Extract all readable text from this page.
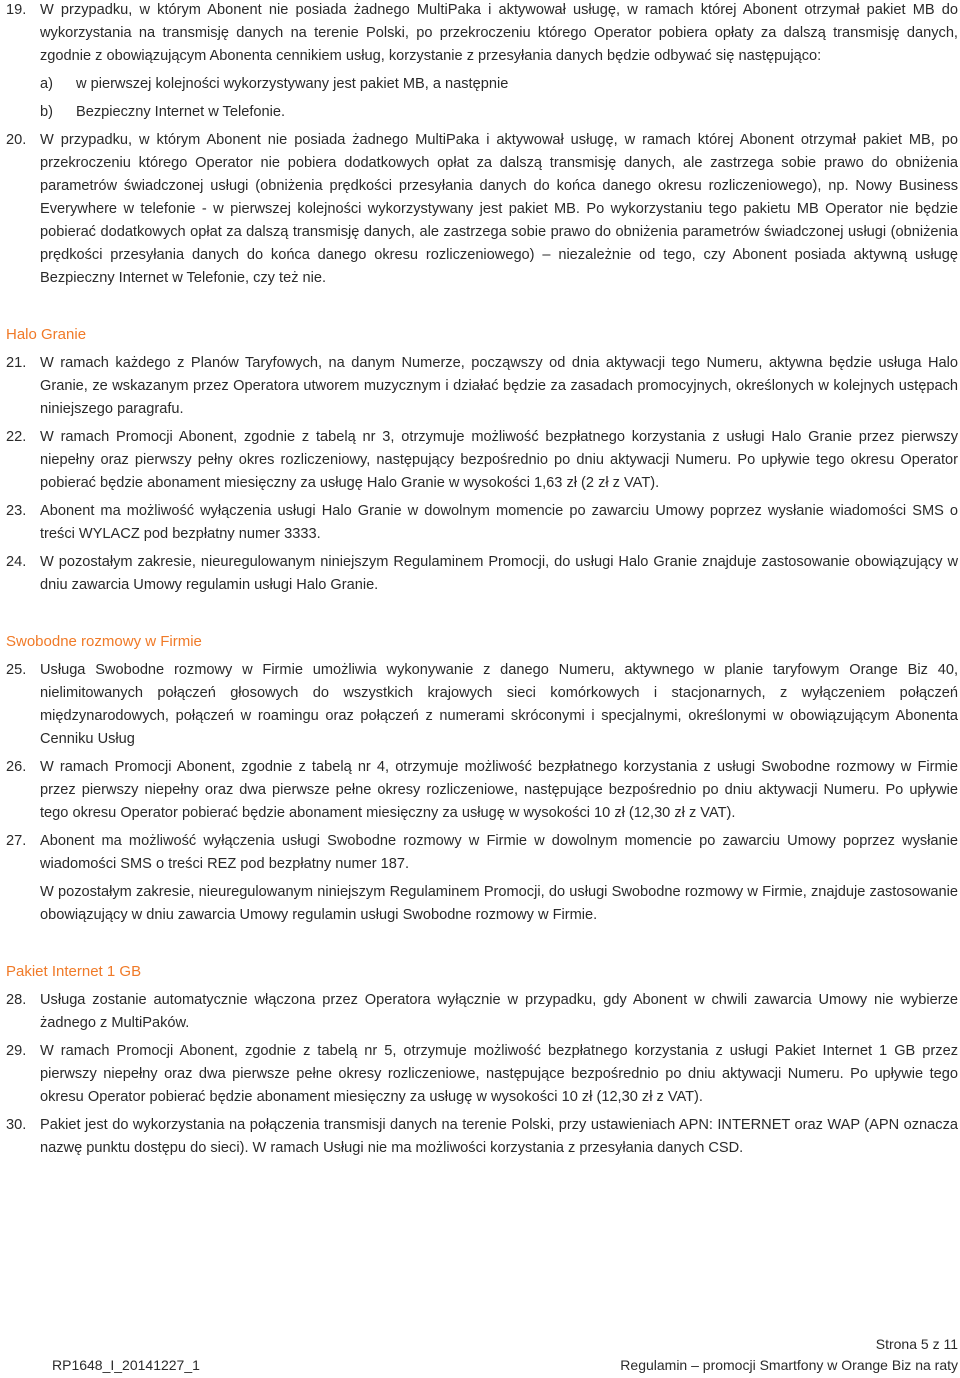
19. W przypadku, w którym Abonent nie posiada żadnego MultiPaka i aktywował usługę, w ramach której Abonent otrzymał pakiet MB do wykorzystania na transmisję danych na terenie Polski, po przekroczeniu którego Operator pobiera opłaty za dalszą transmisję danych, zgodnie z obowiązującym Abonenta cennikiem usług, korzystanie z przesyłania danych będzie odbywać się następująco:
a)	w pierwszej kolejności wykorzystywany jest pakiet MB, a następnie
b)	Bezpieczny Internet w Telefonie.
20. W przypadku, w którym Abonent nie posiada żadnego MultiPaka i aktywował usługę, w ramach której Abonent otrzymał pakiet MB, po przekroczeniu którego Operator nie pobiera dodatkowych opłat za dalszą transmisję danych, ale zastrzega sobie prawo do obniżenia parametrów świadczonej usługi (obniżenia prędkości przesyłania danych do końca danego okresu rozliczeniowego), np. Nowy Business Everywhere w telefonie - w pierwszej kolejności wykorzystywany jest pakiet MB. Po wykorzystaniu tego pakietu MB Operator nie będzie pobierać dodatkowych opłat za dalszą transmisję danych, ale zastrzega sobie prawo do obniżenia parametrów świadczonej usługi (obniżenia prędkości przesyłania danych do końca danego okresu rozliczeniowego) – niezależnie od tego, czy Abonent posiada aktywną usługę Bezpieczny Internet w Telefonie, czy też nie.
Halo Granie
21. W ramach każdego z Planów Taryfowych, na danym Numerze, począwszy od dnia aktywacji tego Numeru, aktywna będzie usługa Halo Granie, ze wskazanym przez Operatora utworem muzycznym i działać będzie za zasadach promocyjnych, określonych w kolejnych ustępach niniejszego paragrafu.
22. W ramach Promocji Abonent, zgodnie z tabelą nr 3, otrzymuje możliwość bezpłatnego korzystania z usługi Halo Granie przez pierwszy niepełny oraz pierwszy pełny okres rozliczeniowy, następujący bezpośrednio po dniu aktywacji Numeru. Po upływie tego okresu Operator pobierać będzie abonament miesięczny za usługę Halo Granie w wysokości 1,63 zł (2 zł z VAT).
23. Abonent ma możliwość wyłączenia usługi Halo Granie w dowolnym momencie po zawarciu Umowy poprzez wysłanie wiadomości SMS o treści WYLACZ pod bezpłatny numer 3333.
24. W pozostałym zakresie, nieuregulowanym niniejszym Regulaminem Promocji, do usługi Halo Granie znajduje zastosowanie obowiązujący w dniu zawarcia Umowy regulamin usługi Halo Granie.
Swobodne rozmowy w Firmie
25. Usługa Swobodne rozmowy w Firmie umożliwia wykonywanie z danego Numeru, aktywnego w planie taryfowym Orange Biz 40, nielimitowanych połączeń głosowych do wszystkich krajowych sieci komórkowych i stacjonarnych, z wyłączeniem połączeń międzynarodowych, połączeń w roamingu oraz połączeń z numerami skróconymi i specjalnymi, określonymi w obowiązującym Abonenta Cenniku Usług
26. W ramach Promocji Abonent, zgodnie z tabelą nr 4, otrzymuje możliwość bezpłatnego korzystania z usługi Swobodne rozmowy w Firmie przez pierwszy niepełny oraz dwa pierwsze pełne okresy rozliczeniowe, następujące bezpośrednio po dniu aktywacji Numeru. Po upływie tego okresu Operator pobierać będzie abonament miesięczny za usługę w wysokości 10 zł (12,30 zł z VAT).
27. Abonent ma możliwość wyłączenia usługi Swobodne rozmowy w Firmie w dowolnym momencie po zawarciu Umowy poprzez wysłanie wiadomości SMS o treści REZ pod bezpłatny numer 187.
W pozostałym zakresie, nieuregulowanym niniejszym Regulaminem Promocji, do usługi Swobodne rozmowy w Firmie, znajduje zastosowanie obowiązujący w dniu zawarcia Umowy regulamin usługi Swobodne rozmowy w Firmie.
Pakiet Internet 1 GB
28. Usługa zostanie automatycznie włączona przez Operatora wyłącznie w przypadku, gdy Abonent w chwili zawarcia Umowy nie wybierze żadnego z MultiPaków.
29. W ramach Promocji Abonent, zgodnie z tabelą nr 5, otrzymuje możliwość bezpłatnego korzystania z usługi Pakiet Internet 1 GB przez pierwszy niepełny oraz dwa pierwsze pełne okresy rozliczeniowe, następujące bezpośrednio po dniu aktywacji Numeru. Po upływie tego okresu Operator pobierać będzie abonament miesięczny za usługę w wysokości 10 zł (12,30 zł z VAT).
30. Pakiet jest do wykorzystania na połączenia transmisji danych na terenie Polski, przy ustawieniach APN: INTERNET oraz WAP (APN oznacza nazwę punktu dostępu do sieci). W ramach Usługi nie ma możliwości korzystania z przesyłania danych CSD.
Strona 5 z 11
RP1648_I_20141227_1	Regulamin – promocji Smartfony w Orange Biz na raty
